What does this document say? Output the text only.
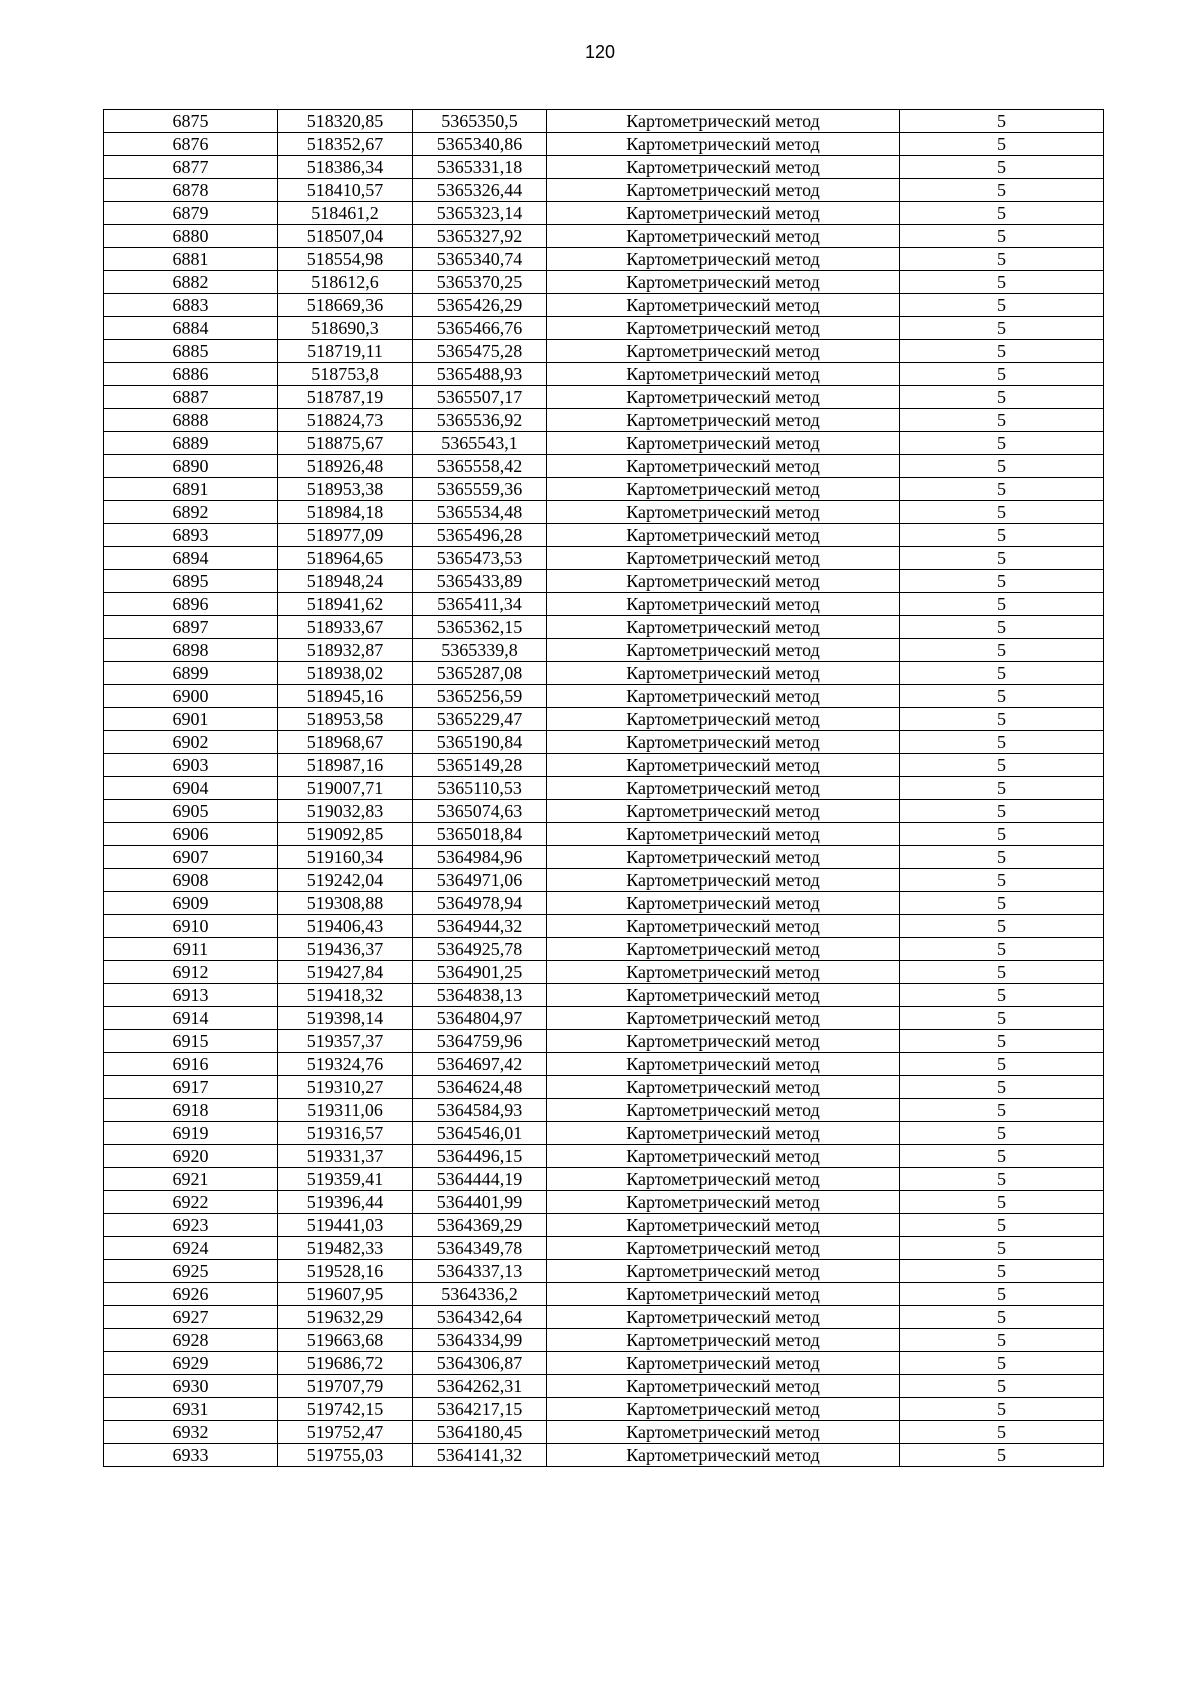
120
6875	518320,85	5365350,5	Картометрический метод	5
6876	518352,67	5365340,86	Картометрический метод	5
6877	518386,34	5365331,18	Картометрический метод	5
6878	518410,57	5365326,44	Картометрический метод	5
6879	518461,2	5365323,14	Картометрический метод	5
6880	518507,04	5365327,92	Картометрический метод	5
6881	518554,98	5365340,74	Картометрический метод	5
6882	518612,6	5365370,25	Картометрический метод	5
6883	518669,36	5365426,29	Картометрический метод	5
6884	518690,3	5365466,76	Картометрический метод	5
6885	518719,11	5365475,28	Картометрический метод	5
6886	518753,8	5365488,93	Картометрический метод	5
6887	518787,19	5365507,17	Картометрический метод	5
6888	518824,73	5365536,92	Картометрический метод	5
6889	518875,67	5365543,1	Картометрический метод	5
6890	518926,48	5365558,42	Картометрический метод	5
6891	518953,38	5365559,36	Картометрический метод	5
6892	518984,18	5365534,48	Картометрический метод	5
6893	518977,09	5365496,28	Картометрический метод	5
6894	518964,65	5365473,53	Картометрический метод	5
6895	518948,24	5365433,89	Картометрический метод	5
6896	518941,62	5365411,34	Картометрический метод	5
6897	518933,67	5365362,15	Картометрический метод	5
6898	518932,87	5365339,8	Картометрический метод	5
6899	518938,02	5365287,08	Картометрический метод	5
6900	518945,16	5365256,59	Картометрический метод	5
6901	518953,58	5365229,47	Картометрический метод	5
6902	518968,67	5365190,84	Картометрический метод	5
6903	518987,16	5365149,28	Картометрический метод	5
6904	519007,71	5365110,53	Картометрический метод	5
6905	519032,83	5365074,63	Картометрический метод	5
6906	519092,85	5365018,84	Картометрический метод	5
6907	519160,34	5364984,96	Картометрический метод	5
6908	519242,04	5364971,06	Картометрический метод	5
6909	519308,88	5364978,94	Картометрический метод	5
6910	519406,43	5364944,32	Картометрический метод	5
6911	519436,37	5364925,78	Картометрический метод	5
6912	519427,84	5364901,25	Картометрический метод	5
6913	519418,32	5364838,13	Картометрический метод	5
6914	519398,14	5364804,97	Картометрический метод	5
6915	519357,37	5364759,96	Картометрический метод	5
6916	519324,76	5364697,42	Картометрический метод	5
6917	519310,27	5364624,48	Картометрический метод	5
6918	519311,06	5364584,93	Картометрический метод	5
6919	519316,57	5364546,01	Картометрический метод	5
6920	519331,37	5364496,15	Картометрический метод	5
6921	519359,41	5364444,19	Картометрический метод	5
6922	519396,44	5364401,99	Картометрический метод	5
6923	519441,03	5364369,29	Картометрический метод	5
6924	519482,33	5364349,78	Картометрический метод	5
6925	519528,16	5364337,13	Картометрический метод	5
6926	519607,95	5364336,2	Картометрический метод	5
6927	519632,29	5364342,64	Картометрический метод	5
6928	519663,68	5364334,99	Картометрический метод	5
6929	519686,72	5364306,87	Картометрический метод	5
6930	519707,79	5364262,31	Картометрический метод	5
6931	519742,15	5364217,15	Картометрический метод	5
6932	519752,47	5364180,45	Картометрический метод	5
6933	519755,03	5364141,32	Картометрический метод	5
